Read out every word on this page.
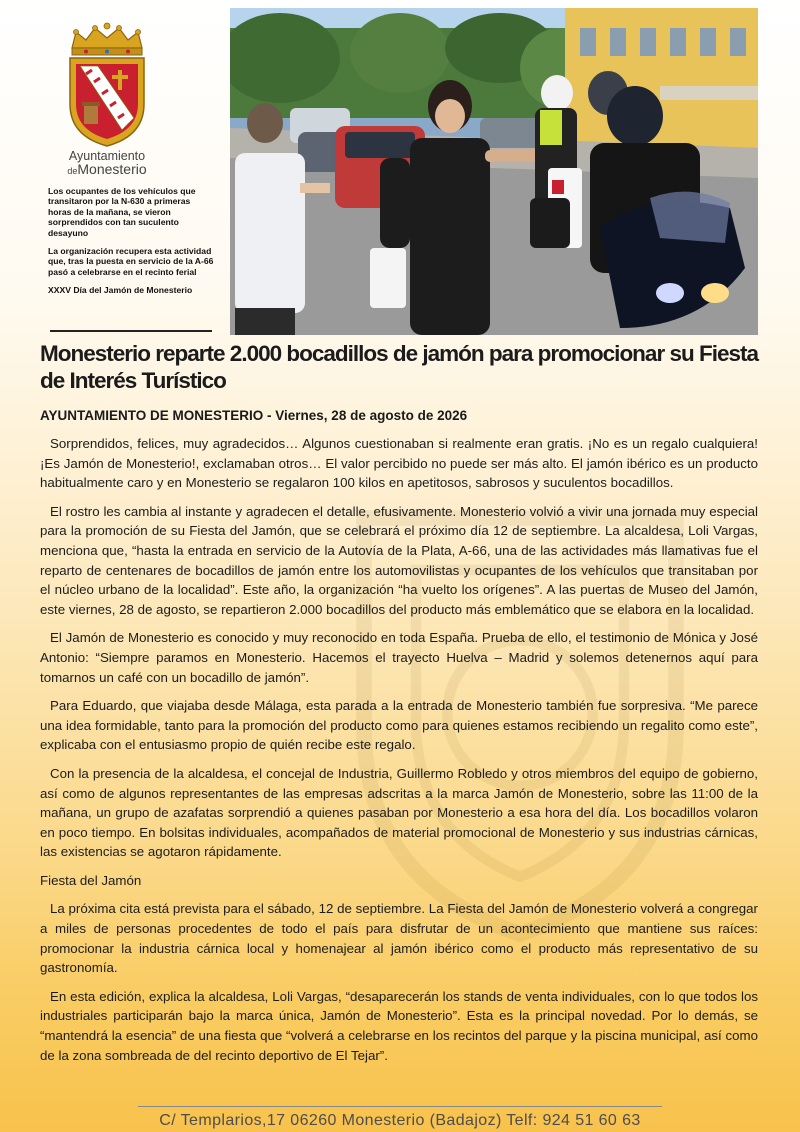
Ayuntamiento
deMonesterio

Los ocupantes de los vehículos que transitaron por la N-630 a primeras horas de la mañana, se vieron sorprendidos con tan suculento desayuno

La organización recupera esta actividad que, tras la puesta en servicio de la A-66 pasó a celebrarse en el recinto ferial

XXXV Día del Jamón de Monesterio

Monesterio reparte 2.000 bocadillos de jamón para promocionar su Fiesta de Interés Turístico

AYUNTAMIENTO DE MONESTERIO - Viernes, 28 de agosto de 2026

Sorprendidos, felices, muy agradecidos… Algunos cuestionaban si realmente eran gratis. ¡No es un regalo cualquiera! ¡Es Jamón de Monesterio!, exclamaban otros… El valor percibido no puede ser más alto. El jamón ibérico es un producto habitualmente caro y en Monesterio se regalaron 100 kilos en apetitosos, sabrosos y suculentos bocadillos.

El rostro les cambia al instante y agradecen el detalle, efusivamente. Monesterio volvió a vivir una jornada muy especial para la promoción de su Fiesta del Jamón, que se celebrará el próximo día 12 de septiembre. La alcaldesa, Loli Vargas, menciona que, “hasta la entrada en servicio de la Autovía de la Plata, A-66, una de las actividades más llamativas fue el reparto de centenares de bocadillos de jamón entre los automovilistas y ocupantes de los vehículos que transitaban por el núcleo urbano de la localidad”. Este año, la organización “ha vuelto los orígenes”. A las puertas de Museo del Jamón, este viernes, 28 de agosto, se repartieron 2.000 bocadillos del producto más emblemático que se elabora en la localidad.

El Jamón de Monesterio es conocido y muy reconocido en toda España. Prueba de ello, el testimonio de Mónica y José Antonio: “Siempre paramos en Monesterio. Hacemos el trayecto Huelva – Madrid y solemos detenernos aquí para tomarnos un café con un bocadillo de jamón”.

Para Eduardo, que viajaba desde Málaga, esta parada a la entrada de Monesterio también fue sorpresiva. “Me parece una idea formidable, tanto para la promoción del producto como para quienes estamos recibiendo un regalito como este”, explicaba con el entusiasmo propio de quién recibe este regalo.

Con la presencia de la alcaldesa, el concejal de Industria, Guillermo Robledo y otros miembros del equipo de gobierno, así como de algunos representantes de las empresas adscritas a la marca Jamón de Monesterio, sobre las 11:00 de la mañana, un grupo de azafatas sorprendió a quienes pasaban por Monesterio a esa hora del día. Los bocadillos volaron en poco tiempo. En bolsitas individuales, acompañados de material promocional de Monesterio y sus industrias cárnicas, las existencias se agotaron rápidamente.

Fiesta del Jamón

La próxima cita está prevista para el sábado, 12 de septiembre. La Fiesta del Jamón de Monesterio volverá a congregar a miles de personas procedentes de todo el país para disfrutar de un acontecimiento que mantiene sus raíces: promocionar la industria cárnica local y homenajear al jamón ibérico como el producto más representativo de su gastronomía.

En esta edición, explica la alcaldesa, Loli Vargas, “desaparecerán los stands de venta individuales, con lo que todos los industriales participarán bajo la marca única, Jamón de Monesterio”. Esta es la principal novedad. Por lo demás, se “mantendrá la esencia” de una fiesta que “volverá a celebrarse en los recintos del parque y la piscina municipal, así como de la zona sombreada de del recinto deportivo de El Tejar”.

C/ Templarios,17 06260 Monesterio (Badajoz) Telf: 924 51 60 63
